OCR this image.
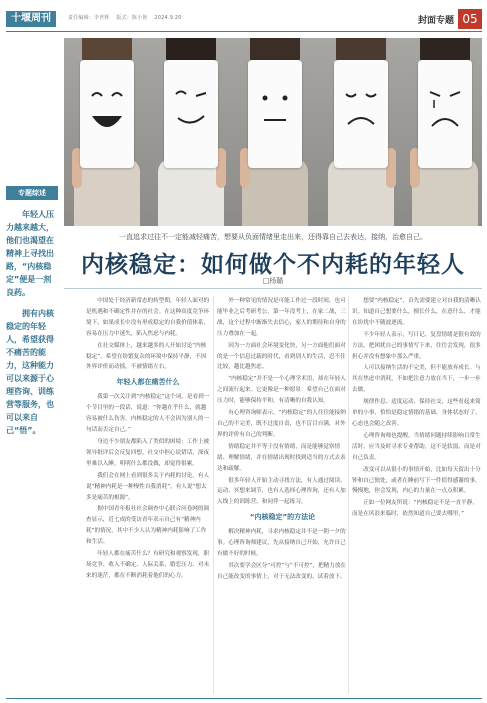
十堰周刊	责任编辑：李世辉 版式：陈小艳 2024.9.20	封面专题 05
一直追求过往不一定能减轻痛苦，想要从负面情绪里走出来，还得靠自己去表达，接纳，治愈自己。
内核稳定：如何做个不内耗的年轻人
□杨璐
专题综述

年轻人压力越来越大，他们也渴望在精神上寻找出路，“内核稳定”便是一剂良药。

拥有内核稳定的年轻人，希望获得不痛苦的能力，这种能力可以来源于心理咨询、训练营等服务，也可以来自己“悟”。

中国处于经济新常态的转型期，年轻人面对的是机遇和不确定性并存的社会。在这种高度竞争环境下，如果成长中没有形成稳定的自我价值体系，容易在压力中迷失，陷入焦虑与内耗。

在社交媒体上，越来越多的人开始讨论“内核稳定”，希望在纷繁复杂的环境中保持平静，不因外界评价而动摇，不被情绪左右。

年轻人都在痛苦什么

我第一次关注到“内核稳定”这个词，是看到一个节目里的一段话，说道：“你越在乎什么，就越容易被什么伤害，内核稳定的人不会因为别人的一句话而否定自己。”

身边不少朋友都陷入了类似的困境：工作上被领导批评后会反复回想，社交中担心说错话，深夜里难以入睡，明明什么都没做，却觉得很累。

我们会在网上看到很多关于内耗的讨论，有人说“精神内耗是一种慢性自我消耗”，有人说“想太多是痛苦的根源”。

据中国青年报社社会调查中心联合问卷网的调查显示，近七成的受访青年表示自己有“精神内耗”的情况，其中不少人认为精神内耗影响了工作和生活。

年轻人都在痛苦什么？有研究和观察发现，职场竞争、收入不确定、人际关系、婚恋压力、对未来的迷茫，都在不断消耗着他们的心力。

外一种常见的情况是可能工作过一段时间，也可能毕业之后考研考公，第一年没考上，在家二战，三战，这个过程中渐渐失去信心，家人的期待和自身的压力叠加在一起。

因为一方面社会环境变化快，另一方面他们面对的是一个信息过载的时代，看到别人的生活，忍不住比较，越比越焦虑。

“内核稳定”并不是一个心理学术语，却在年轻人之间流行起来。它更像是一种愿景：希望自己在面对压力时，能够保持平和，有清晰的自我认知。

有心理咨询师表示，“内核稳定”的人往往能接纳自己的不完美，既不过度自责，也不盲目自满，对外界的评价有自己的判断。

情绪稳定并不等于没有情绪，而是能够觉察情绪、理解情绪，并在情绪出现时找到适当的方式去表达和疏解。

很多年轻人开始主动寻找方法，有人通过阅读、运动、冥想来调节，也有人选择心理咨询，还有人加入线上的训练营，和同伴一起练习。

“内核稳定”的方法论

解决精神内耗，寻求内核稳定并不是一朝一夕的事。心理咨询师建议，先从接纳自己开始，允许自己有做不好的时候。

其次要学会区分“可控”与“不可控”，把精力放在自己能改变的事情上，对于无法改变的，试着放下。

想要“内核稳定”，首先需要建立对自我的清晰认识。知道自己想要什么，擅长什么，在意什么，才能在纷扰中不随波逐流。

不少年轻人表示，写日记、复盘情绪是很有效的方法。把困扰自己的事情写下来，往往会发现，很多担心并没有想象中那么严重。

人可以接纳生活的不完美，但不能放弃成长。与其在焦虑中消耗，不如把注意力放在当下，一步一步去做。

规律作息、适度运动、保持社交，这些看起来简单的小事，恰恰是稳定情绪的基础。身体状态好了，心态也会随之改善。

心理咨询师也提醒，当情绪问题持续影响日常生活时，应当及时寻求专业帮助，这不是软弱，而是对自己负责。

改变可以从很小的事情开始，比如每天留出十分钟和自己独处，或者在睡前写下一件值得感谢的事。慢慢地，你会发现，内心的力量在一点点积累。

正如一位网友所说：“内核稳定不是一直平静，而是在风浪来临时，依然知道自己要去哪里。”
